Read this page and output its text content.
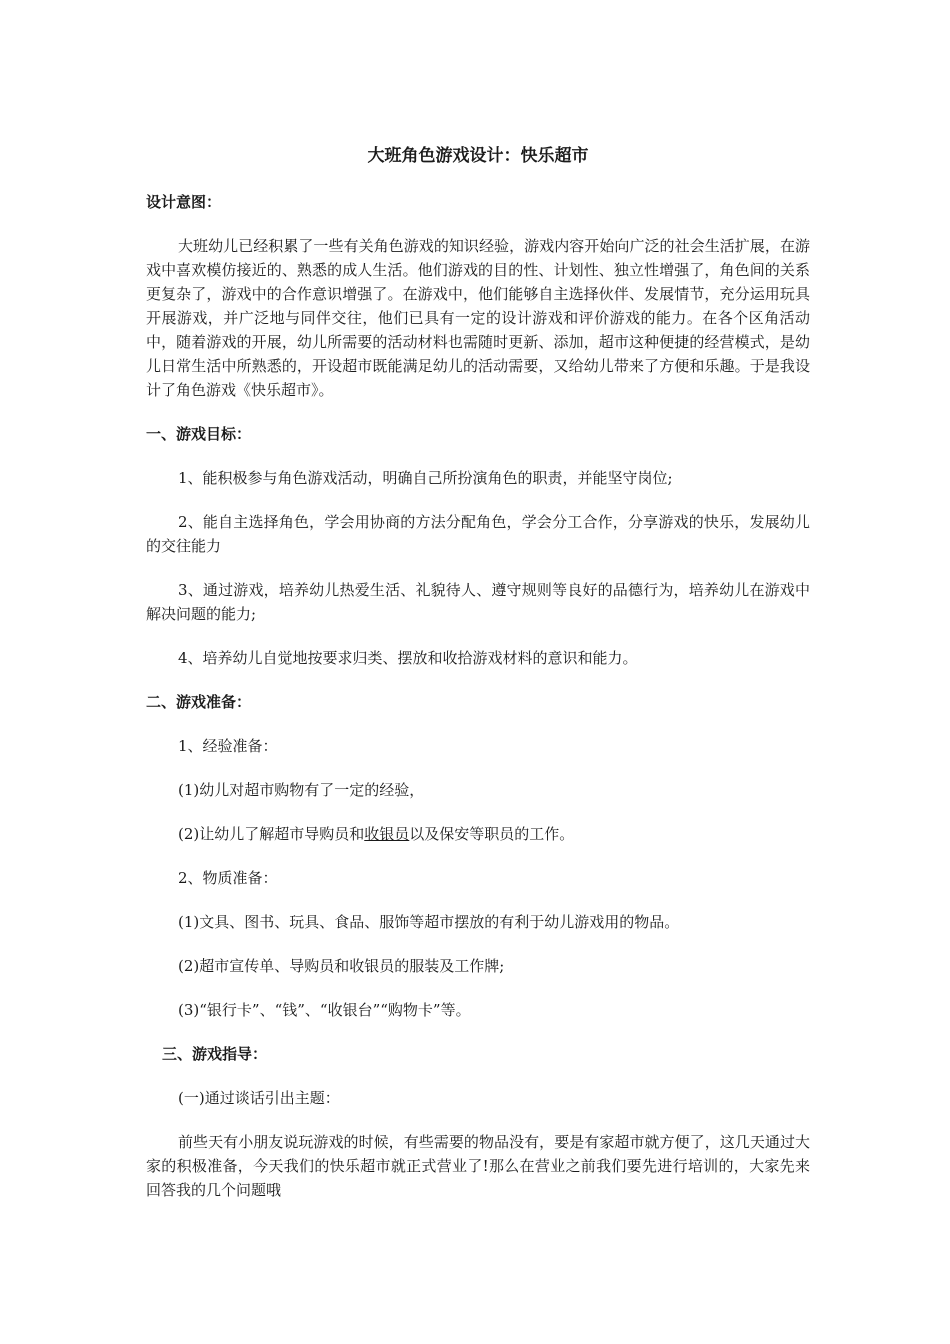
大班角色游戏设计：快乐超市
设计意图：
大班幼儿已经积累了一些有关角色游戏的知识经验，游戏内容开始向广泛的社会生活扩展，在游戏中喜欢模仿接近的、熟悉的成人生活。他们游戏的目的性、计划性、独立性增强了，角色间的关系更复杂了，游戏中的合作意识增强了。在游戏中，他们能够自主选择伙伴、发展情节，充分运用玩具开展游戏，并广泛地与同伴交往，他们已具有一定的设计游戏和评价游戏的能力。在各个区角活动中，随着游戏的开展，幼儿所需要的活动材料也需随时更新、添加，超市这种便捷的经营模式，是幼儿日常生活中所熟悉的，开设超市既能满足幼儿的活动需要，又给幼儿带来了方便和乐趣。于是我设计了角色游戏《快乐超市》。
一、游戏目标：
1、能积极参与角色游戏活动，明确自己所扮演角色的职责，并能坚守岗位;
2、能自主选择角色，学会用协商的方法分配角色，学会分工合作，分享游戏的快乐，发展幼儿的交往能力
3、通过游戏，培养幼儿热爱生活、礼貌待人、遵守规则等良好的品德行为，培养幼儿在游戏中解决问题的能力;
4、培养幼儿自觉地按要求归类、摆放和收拾游戏材料的意识和能力。
二、游戏准备：
1、经验准备：
(1)幼儿对超市购物有了一定的经验，
(2)让幼儿了解超市导购员和收银员以及保安等职员的工作。
2、物质准备：
(1)文具、图书、玩具、食品、服饰等超市摆放的有利于幼儿游戏用的物品。
(2)超市宣传单、导购员和收银员的服装及工作牌;
(3)“银行卡”、“钱”、“收银台”“购物卡”等。
三、游戏指导：
(一)通过谈话引出主题：
前些天有小朋友说玩游戏的时候，有些需要的物品没有，要是有家超市就方便了，这几天通过大家的积极准备，今天我们的快乐超市就正式营业了!那么在营业之前我们要先进行培训的，大家先来回答我的几个问题哦
